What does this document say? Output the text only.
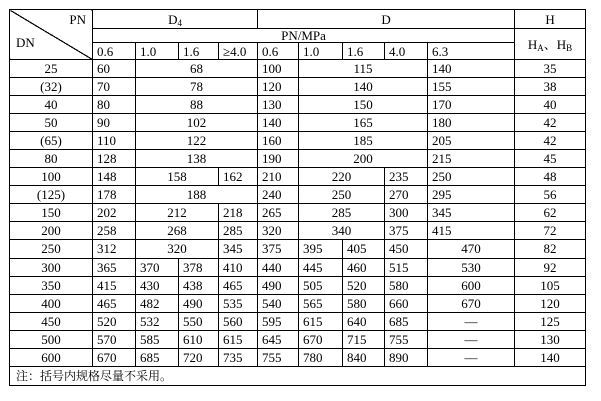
PN
DN	$D_4$				D					H
	PN/MPa									$H_A$、$H_B$
	0.6	1.0	1.6	≥4.0	0.6	1.0	1.6	4.0	6.3	
25	60	68			100	115			140	35
(32)	70	78			120	140			155	38
40	80	88			130	150			170	40
50	90	102			140	165			180	42
(65)	110	122			160	185			205	42
80	128	138			190	200			215	45
100	148	158		162	210	220		235	250	48
(125)	178	188			240	250		270	295	56
150	202	212		218	265	285		300	345	62
200	258	268		285	320	340		375	415	72
250	312	320		345	375	395	405	450	470	82
300	365	370	378	410	440	445	460	515	530	92
350	415	430	438	465	490	505	520	580	600	105
400	465	482	490	535	540	565	580	660	670	120
450	520	532	550	560	595	615	640	685	—	125
500	570	585	610	615	645	670	715	755	—	130
600	670	685	720	735	755	780	840	890	—	140
注：括号内规格尽量不采用。										
